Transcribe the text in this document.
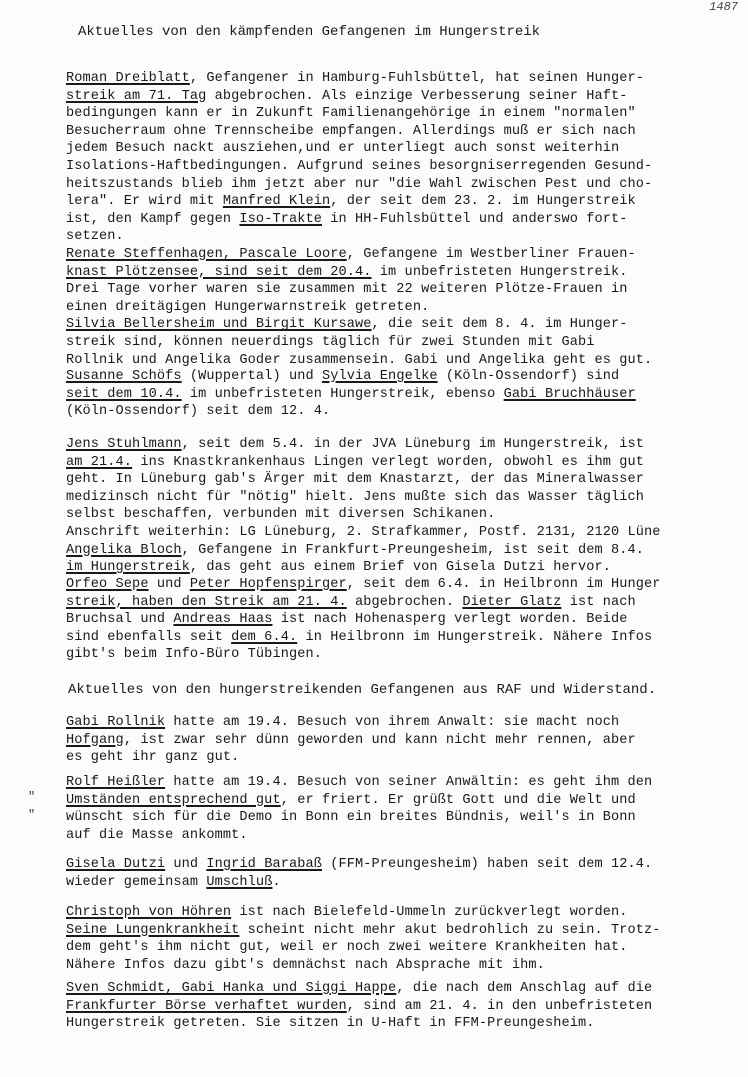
1487
Aktuelles von den kämpfenden Gefangenen im Hungerstreik
Roman Dreiblatt, Gefangener in Hamburg-Fuhlsbüttel, hat seinen Hunger-
streik am 71. Tag abgebrochen. Als einzige Verbesserung seiner Haft-
bedingungen kann er in Zukunft Familienangehörige in einem "normalen"
Besucherraum ohne Trennscheibe empfangen. Allerdings muß er sich nach
jedem Besuch nackt ausziehen,und er unterliegt auch sonst weiterhin
Isolations-Haftbedingungen. Aufgrund seines besorgniserregenden Gesund-
heitszustands blieb ihm jetzt aber nur "die Wahl zwischen Pest und cho-
lera". Er wird mit Manfred Klein, der seit dem 23. 2. im Hungerstreik
ist, den Kampf gegen Iso-Trakte in HH-Fuhlsbüttel und anderswo fort-
setzen.
Renate Steffenhagen, Pascale Loore, Gefangene im Westberliner Frauen-
knast Plötzensee, sind seit dem 20.4. im unbefristeten Hungerstreik.
Drei Tage vorher waren sie zusammen mit 22 weiteren Plötze-Frauen in
einen dreitägigen Hungerwarnstreik getreten.
Silvia Bellersheim und Birgit Kursawe, die seit dem 8. 4. im Hunger-
streik sind, können neuerdings täglich für zwei Stunden mit Gabi
Rollnik und Angelika Goder zusammensein. Gabi und Angelika geht es gut.
Susanne Schöfs (Wuppertal) und Sylvia Engelke (Köln-Ossendorf) sind
seit dem 10.4. im unbefristeten Hungerstreik, ebenso Gabi Bruchhäuser
(Köln-Ossendorf) seit dem 12. 4.
Jens Stuhlmann, seit dem 5.4. in der JVA Lüneburg im Hungerstreik, ist
am 21.4. ins Knastkrankenhaus Lingen verlegt worden, obwohl es ihm gut
geht. In Lüneburg gab's Ärger mit dem Knastarzt, der das Mineralwasser
medizinsch nicht für "nötig" hielt. Jens mußte sich das Wasser täglich
selbst beschaffen, verbunden mit diversen Schikanen.
Anschrift weiterhin: LG Lüneburg, 2. Strafkammer, Postf. 2131, 2120 Lüne
Angelika Bloch, Gefangene in Frankfurt-Preungesheim, ist seit dem 8.4.
im Hungerstreik, das geht aus einem Brief von Gisela Dutzi hervor.
Orfeo Sepe und Peter Hopfenspirger, seit dem 6.4. in Heilbronn im Hunger
streik, haben den Streik am 21. 4. abgebrochen. Dieter Glatz ist nach
Bruchsal und Andreas Haas ist nach Hohenasperg verlegt worden. Beide
sind ebenfalls seit dem 6.4. in Heilbronn im Hungerstreik. Nähere Infos
gibt's beim Info-Büro Tübingen.
Aktuelles von den hungerstreikenden Gefangenen aus RAF und Widerstand.
Gabi Rollnik hatte am 19.4. Besuch von ihrem Anwalt: sie macht noch
Hofgang, ist zwar sehr dünn geworden und kann nicht mehr rennen, aber
es geht ihr ganz gut.
Rolf Heißler hatte am 19.4. Besuch von seiner Anwältin: es geht ihm den
Umständen entsprechend gut, er friert. Er grüßt Gott und die Welt und
wünscht sich für die Demo in Bonn ein breites Bündnis, weil's in Bonn
auf die Masse ankommt.
Gisela Dutzi und Ingrid Barabaß (FFM-Preungesheim) haben seit dem 12.4.
wieder gemeinsam Umschluß.
Christoph von Höhren ist nach Bielefeld-Ummeln zurückverlegt worden.
Seine Lungenkrankheit scheint nicht mehr akut bedrohlich zu sein. Trotz-
dem geht's ihm nicht gut, weil er noch zwei weitere Krankheiten hat.
Nähere Infos dazu gibt's demnächst nach Absprache mit ihm.
Sven Schmidt, Gabi Hanka und Siggi Happe, die nach dem Anschlag auf die
Frankfurter Börse verhaftet wurden, sind am 21. 4. in den unbefristeten
Hungerstreik getreten. Sie sitzen in U-Haft in FFM-Preungesheim.
"
"
